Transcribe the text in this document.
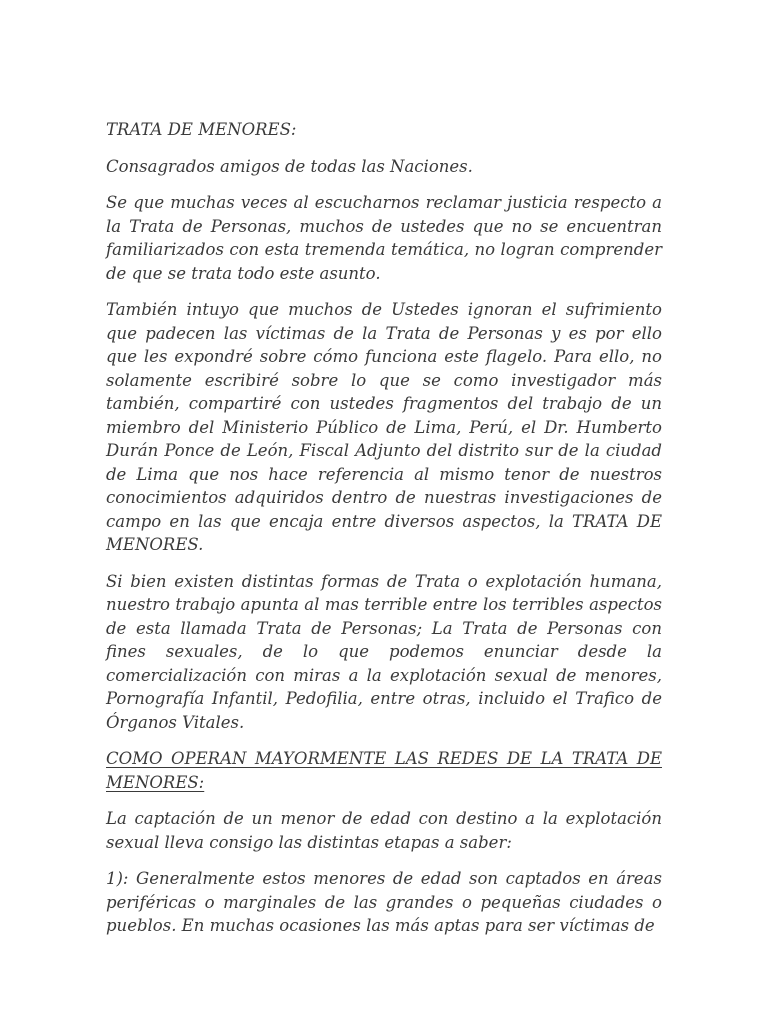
TRATA DE MENORES:

Consagrados amigos de todas las Naciones.

Se que muchas veces al escucharnos reclamar justicia respecto a la Trata de Personas, muchos de ustedes que no se encuentran familiarizados con esta tremenda temática, no logran comprender de que se trata todo este asunto.

También intuyo que muchos de Ustedes ignoran el sufrimiento que padecen las víctimas de la Trata de Personas y es por ello que les expondré sobre cómo funciona este flagelo. Para ello, no solamente escribiré sobre lo que se como investigador más también, compartiré con ustedes fragmentos del trabajo de un miembro del Ministerio Público de Lima, Perú, el Dr. Humberto Durán Ponce de León, Fiscal Adjunto del distrito sur de la ciudad de Lima que nos hace referencia al mismo tenor de nuestros conocimientos adquiridos dentro de nuestras investigaciones de campo en las que encaja entre diversos aspectos, la TRATA DE MENORES.

Si bien existen distintas formas de Trata o explotación humana, nuestro trabajo apunta al mas terrible entre los terribles aspectos de esta llamada Trata de Personas; La Trata de Personas con fines sexuales, de lo que podemos enunciar desde la comercialización con miras a la explotación sexual de menores, Pornografía Infantil, Pedofilia, entre otras, incluido el Trafico de Órganos Vitales.

COMO OPERAN MAYORMENTE LAS REDES DE LA TRATA DE MENORES:

La captación de un menor de edad con destino a la explotación sexual lleva consigo las distintas etapas a saber:

1): Generalmente estos menores de edad son captados en áreas periféricas o marginales de las grandes o pequeñas ciudades o pueblos. En muchas ocasiones las más aptas para ser víctimas de
